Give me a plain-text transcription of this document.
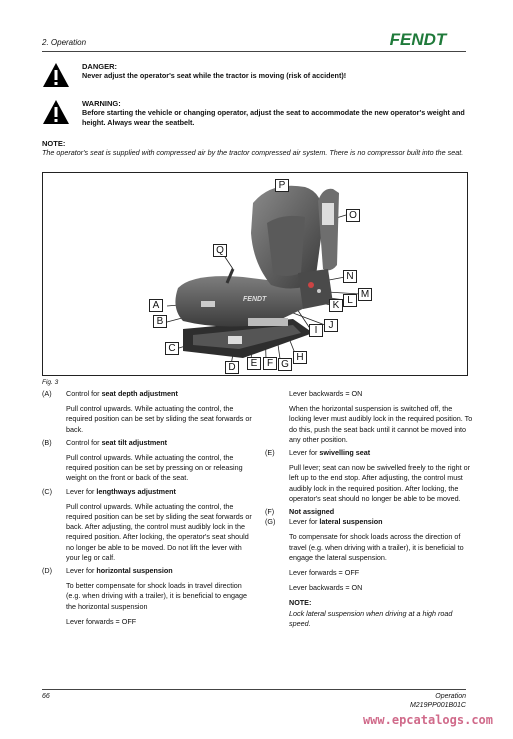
2. Operation	FENDT
DANGER:
Never adjust the operator's seat while the tractor is moving (risk of accident)!
WARNING:
Before starting the vehicle or changing operator, adjust the seat to accommodate the new operator's weight and height. Always wear the seatbelt.
NOTE:
The operator's seat is supplied with compressed air by the tractor compressed air system. There is no compressor built into the seat.
FENDT
P
O
Q
N
M
L
K
A
B	J
I
C
H
G
F
E
D
Fig. 3
(A) Control for seat depth adjustment
Pull control upwards. While actuating the control, the required position can be set by sliding the seat forwards or back.
(B) Control for seat tilt adjustment
Pull control upwards. While actuating the control, the required position can be set by pressing on or releasing weight on the front or back of the seat.
(C) Lever for lengthways adjustment
Pull control upwards. While actuating the control, the required position can be set by sliding the seat forwards or back. After adjusting, the control must audibly lock in the required position. After locking, the operator's seat should no longer be able to be moved. Do not lift the lever with your leg or calf.
(D) Lever for horizontal suspension
To better compensate for shock loads in travel direction (e.g. when driving with a trailer), it is beneficial to engage the horizontal suspension
Lever forwards = OFF
Lever backwards = ON
When the horizontal suspension is switched off, the locking lever must audibly lock in the required position. To do this, push the seat back until it cannot be moved into any other position.
(E) Lever for swivelling seat
Pull lever; seat can now be swivelled freely to the right or left up to the end stop. After adjusting, the control must audibly lock in the required position. After locking, the operator's seat should no longer be able to be moved.
(F) Not assigned
(G) Lever for lateral suspension
To compensate for shock loads across the direction of travel (e.g. when driving with a trailer), it is beneficial to engage the lateral suspension.
Lever forwards = OFF
Lever backwards = ON
NOTE:
Lock lateral suspension when driving at a high road speed.
66	Operation
M219PP001B01C
www.epcatalogs.com
